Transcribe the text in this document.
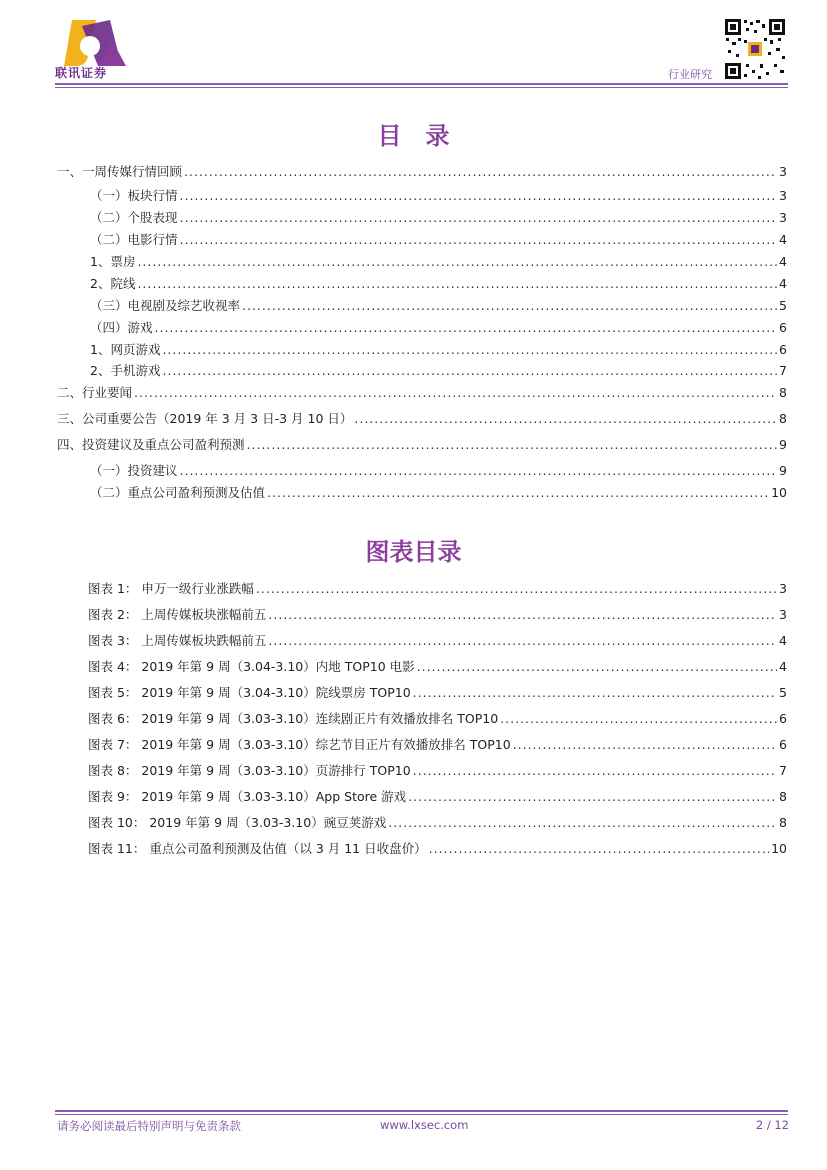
联讯证券	行业研究
目　录
一、一周传媒行情回顾 .....	3
（一）板块行情 .....	3
（二）个股表现 .....	3
（二）电影行情 .....	4
1、票房 .....	4
2、院线 .....	4
（三）电视剧及综艺收视率 .....	5
（四）游戏 .....	6
1、网页游戏 .....	6
2、手机游戏 .....	7
二、行业要闻 .....	8
三、公司重要公告（2019 年 3 月 3 日-3 月 10 日） .....	8
四、投资建议及重点公司盈利预测 .....	9
（一）投资建议 .....	9
（二）重点公司盈利预测及估值 .....	10
图表目录
图表 1： 申万一级行业涨跌幅 .....	3
图表 2： 上周传媒板块涨幅前五 .....	3
图表 3： 上周传媒板块跌幅前五 .....	4
图表 4： 2019 年第 9 周（3.04-3.10）内地 TOP10 电影 .....	4
图表 5： 2019 年第 9 周（3.04-3.10）院线票房 TOP10 .....	5
图表 6： 2019 年第 9 周（3.03-3.10）连续剧正片有效播放排名 TOP10 .....	6
图表 7： 2019 年第 9 周（3.03-3.10）综艺节目正片有效播放排名 TOP10 .....	6
图表 8： 2019 年第 9 周（3.03-3.10）页游排行 TOP10 .....	7
图表 9： 2019 年第 9 周（3.03-3.10）App Store 游戏 .....	8
图表 10： 2019 年第 9 周（3.03-3.10）豌豆荚游戏 .....	8
图表 11： 重点公司盈利预测及估值（以 3 月 11 日收盘价） .....	10
请务必阅读最后特别声明与免责条款	www.lxsec.com	2 / 12
